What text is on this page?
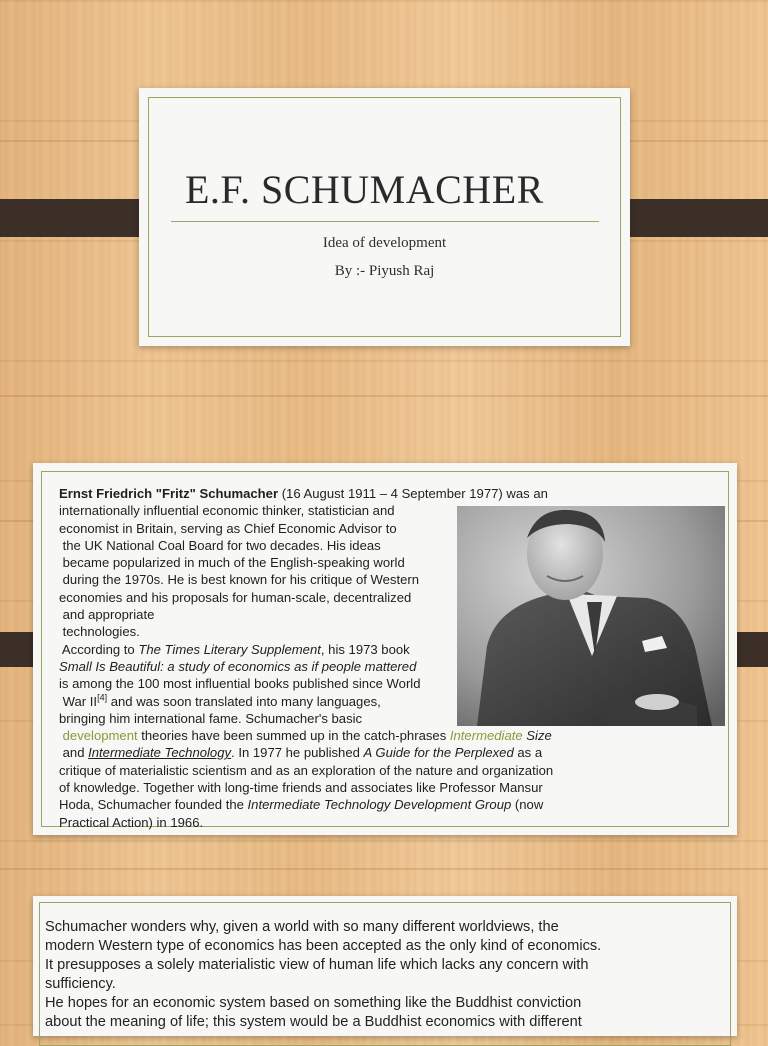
E.F. SCHUMACHER
Idea of development
By :- Piyush Raj
Ernst Friedrich "Fritz" Schumacher (16 August 1911 – 4 September 1977) was an
internationally influential economic thinker, statistician and
economist in Britain, serving as Chief Economic Advisor to
the UK National Coal Board for two decades. His ideas
became popularized in much of the English-speaking world
during the 1970s. He is best known for his critique of Western
economies and his proposals for human-scale, decentralized
and appropriate
technologies.
According to The Times Literary Supplement, his 1973 book
Small Is Beautiful: a study of economics as if people mattered
is among the 100 most influential books published since World
War II[4] and was soon translated into many languages,
bringing him international fame. Schumacher's basic
development theories have been summed up in the catch-phrases Intermediate Size
and Intermediate Technology. In 1977 he published A Guide for the Perplexed as a
critique of materialistic scientism and as an exploration of the nature and organization
of knowledge. Together with long-time friends and associates like Professor Mansur
Hoda, Schumacher founded the Intermediate Technology Development Group (now
Practical Action) in 1966.
Schumacher wonders why, given a world with so many different worldviews, the
modern Western type of economics has been accepted as the only kind of economics.
It presupposes a solely materialistic view of human life which lacks any concern with
sufficiency.
He hopes for an economic system based on something like the Buddhist conviction
about the meaning of life; this system would be a Buddhist economics with different
